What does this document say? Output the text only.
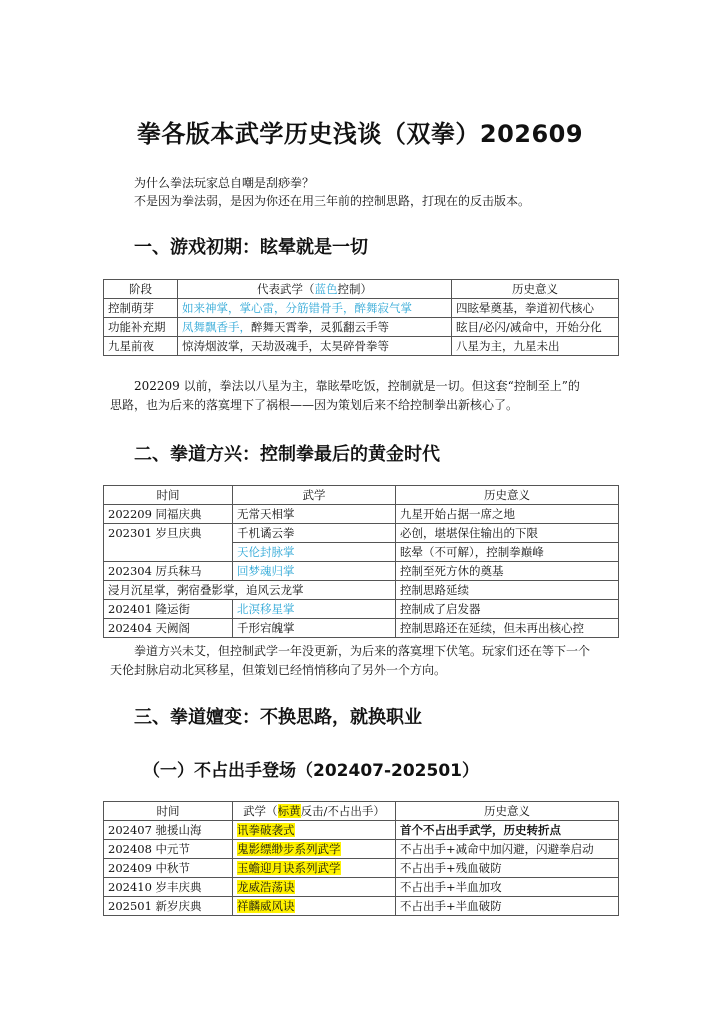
拳各版本武学历史浅谈（双拳）202609

为什么拳法玩家总自嘲是刮痧拳？

不是因为拳法弱，是因为你还在用三年前的控制思路，打现在的反击版本。

一、游戏初期：眩晕就是一切
阶段	代表武学（蓝色控制）	历史意义
控制萌芽	如来神掌，掌心雷，分筋错骨手，醉舞寂气掌	四眩晕奠基，拳道初代核心
功能补充期	凤舞飘香手，醉舞天霄拳，灵狐翻云手等	眩目/必闪/减命中，开始分化
九星前夜	惊涛烟波掌，天劫汲魂手，太昊碎骨拳等	八星为主，九星未出

202209 以前，拳法以八星为主，靠眩晕吃饭，控制就是一切。但这套“控制至上”的

思路，也为后来的落寞埋下了祸根——因为策划后来不给控制拳出新核心了。

二、拳道方兴：控制拳最后的黄金时代
时间	武学	历史意义
202209 同福庆典	无常天相掌	九星开始占据一席之地
202301 岁旦庆典	千机谲云拳	必创，堪堪保住输出的下限
	天伦封脉掌	眩晕（不可解），控制拳巅峰
202304 厉兵秣马	回梦魂归掌	控制至死方休的奠基
浸月沉星掌，粥宿叠影掌，追风云龙掌		控制思路延续
202401 隆运街	北溟移星掌	控制成了启发器
202404 天阙阁	千形宕魄掌	控制思路还在延续，但未再出核心控

拳道方兴未艾，但控制武学一年没更新，为后来的落寞埋下伏笔。玩家们还在等下一个

天伦封脉启动北冥移星，但策划已经悄悄移向了另外一个方向。

三、拳道嬗变：不换思路，就换职业
（一）不占出手登场（202407-202501）
时间	武学（标黄反击/不占出手）	历史意义
202407 驰援山海	讯拳破袭式	首个不占出手武学，历史转折点
202408 中元节	鬼影缥缈步系列武学	不占出手+减命中加闪避，闪避拳启动
202409 中秋节	玉蟾迎月诀系列武学	不占出手+残血破防
202410 岁丰庆典	龙威浩荡诀	不占出手+半血加攻
202501 新岁庆典	祥麟威风诀	不占出手+半血破防
